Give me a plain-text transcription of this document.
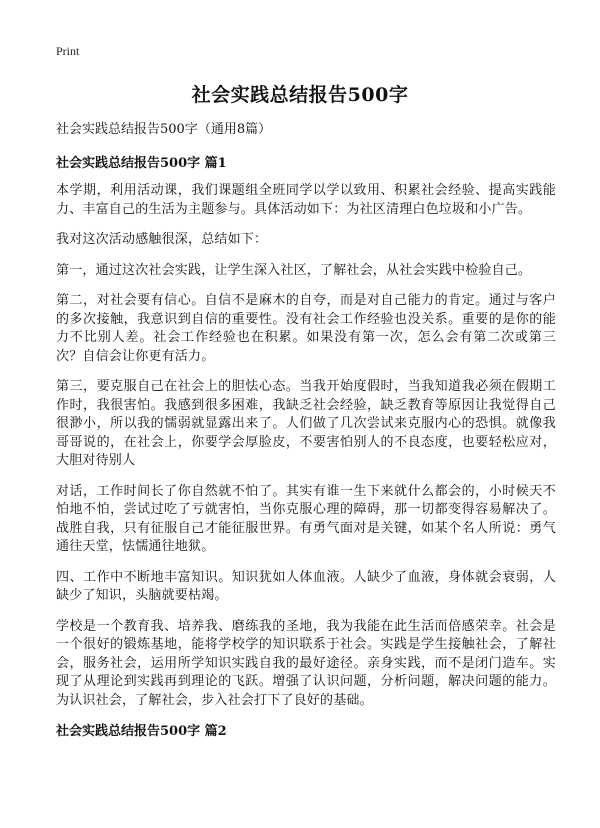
Print
社会实践总结报告500字
社会实践总结报告500字（通用8篇）
社会实践总结报告500字 篇1

本学期，利用活动课，我们课题组全班同学以学以致用、积累社会经验、提高实践能力、丰富自己的生活为主题参与。具体活动如下：为社区清理白色垃圾和小广告。

我对这次活动感触很深，总结如下：

第一，通过这次社会实践，让学生深入社区，了解社会，从社会实践中检验自己。

第二，对社会要有信心。自信不是麻木的自夸，而是对自己能力的肯定。通过与客户的多次接触，我意识到自信的重要性。没有社会工作经验也没关系。重要的是你的能力不比别人差。社会工作经验也在积累。如果没有第一次，怎么会有第二次或第三次？自信会让你更有活力。

第三，要克服自己在社会上的胆怯心态。当我开始度假时，当我知道我必须在假期工作时，我很害怕。我感到很多困难，我缺乏社会经验，缺乏教育等原因让我觉得自己很渺小，所以我的懦弱就显露出来了。人们做了几次尝试来克服内心的恐惧。就像我哥哥说的，在社会上，你要学会厚脸皮，不要害怕别人的不良态度，也要轻松应对，大胆对待别人

对话，工作时间长了你自然就不怕了。其实有谁一生下来就什么都会的，小时候天不怕地不怕，尝试过吃了亏就害怕，当你克服心理的障碍，那一切都变得容易解决了。战胜自我，只有征服自己才能征服世界。有勇气面对是关键，如某个名人所说：勇气通往天堂，怯懦通往地狱。

四、工作中不断地丰富知识。知识犹如人体血液。人缺少了血液，身体就会衰弱，人缺少了知识，头脑就要枯竭。

学校是一个教育我、培养我、磨练我的圣地，我为我能在此生活而倍感荣幸。社会是一个很好的锻炼基地，能将学校学的知识联系于社会。实践是学生接触社会，了解社会，服务社会，运用所学知识实践自我的最好途径。亲身实践，而不是闭门造车。实现了从理论到实践再到理论的飞跃。增强了认识问题，分析问题，解决问题的能力。为认识社会，了解社会，步入社会打下了良好的基础。

社会实践总结报告500字 篇2
